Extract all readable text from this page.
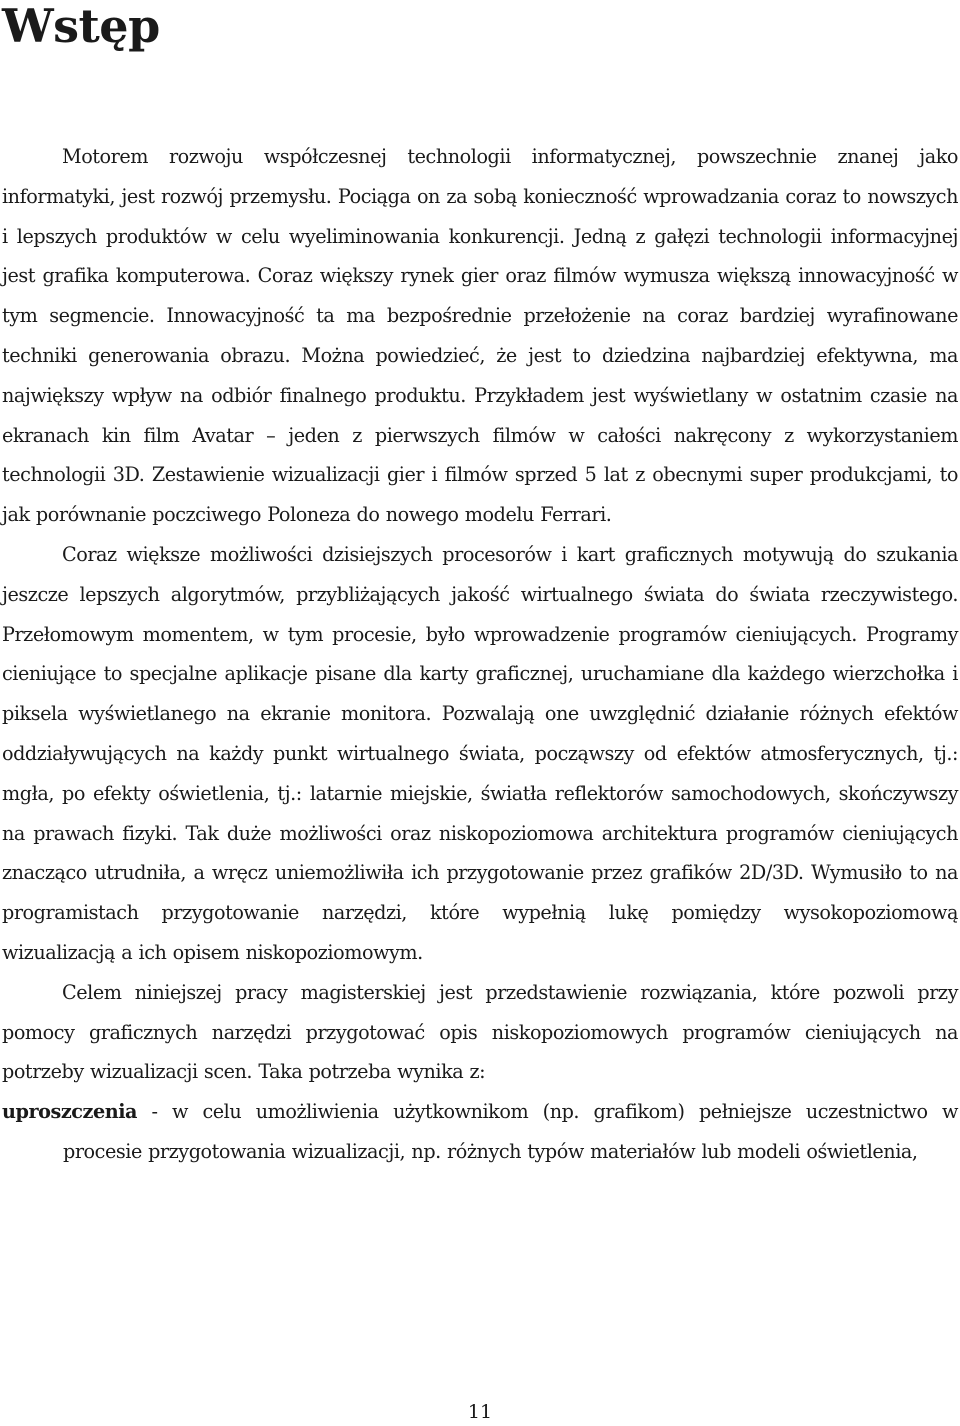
Wstęp

Motorem rozwoju współczesnej technologii informatycznej, powszechnie znanej jako informatyki, jest rozwój przemysłu. Pociąga on za sobą konieczność wprowadzania coraz to nowszych i lepszych produktów w celu wyeliminowania konkurencji. Jedną z gałęzi technologii informacyjnej jest grafika komputerowa. Coraz większy rynek gier oraz filmów wymusza większą innowacyjność w tym segmencie. Innowacyjność ta ma bezpośrednie przełożenie na coraz bardziej wyrafinowane techniki generowania obrazu. Można powiedzieć, że jest to dziedzina najbardziej efektywna, ma największy wpływ na odbiór finalnego produktu. Przykładem jest wyświetlany w ostatnim czasie na ekranach kin film Avatar – jeden z pierwszych filmów w całości nakręcony z wykorzystaniem technologii 3D. Zestawienie wizualizacji gier i filmów sprzed 5 lat z obecnymi super produkcjami, to jak porównanie poczciwego Poloneza do nowego modelu Ferrari.

Coraz większe możliwości dzisiejszych procesorów i kart graficznych motywują do szukania jeszcze lepszych algorytmów, przybliżających jakość wirtualnego świata do świata rzeczywistego. Przełomowym momentem, w tym procesie, było wprowadzenie programów cieniujących. Programy cieniujące to specjalne aplikacje pisane dla karty graficznej, uruchamiane dla każdego wierzchołka i piksela wyświetlanego na ekranie monitora. Pozwalają one uwzględnić działanie różnych efektów oddziaływujących na każdy punkt wirtualnego świata, począwszy od efektów atmosferycznych, tj.: mgła, po efekty oświetlenia, tj.: latarnie miejskie, światła reflektorów samochodowych, skończywszy na prawach fizyki. Tak duże możliwości oraz niskopoziomowa architektura programów cieniujących znacząco utrudniła, a wręcz uniemożliwiła ich przygotowanie przez grafików 2D/3D. Wymusiło to na programistach przygotowanie narzędzi, które wypełnią lukę pomiędzy wysokopoziomową wizualizacją a ich opisem niskopoziomowym.

Celem niniejszej pracy magisterskiej jest przedstawienie rozwiązania, które pozwoli przy pomocy graficznych narzędzi przygotować opis niskopoziomowych programów cieniujących na potrzeby wizualizacji scen. Taka potrzeba wynika z:

uproszczenia - w celu umożliwienia użytkownikom (np. grafikom) pełniejsze uczestnictwo w procesie przygotowania wizualizacji, np. różnych typów materiałów lub modeli oświetlenia,
11
